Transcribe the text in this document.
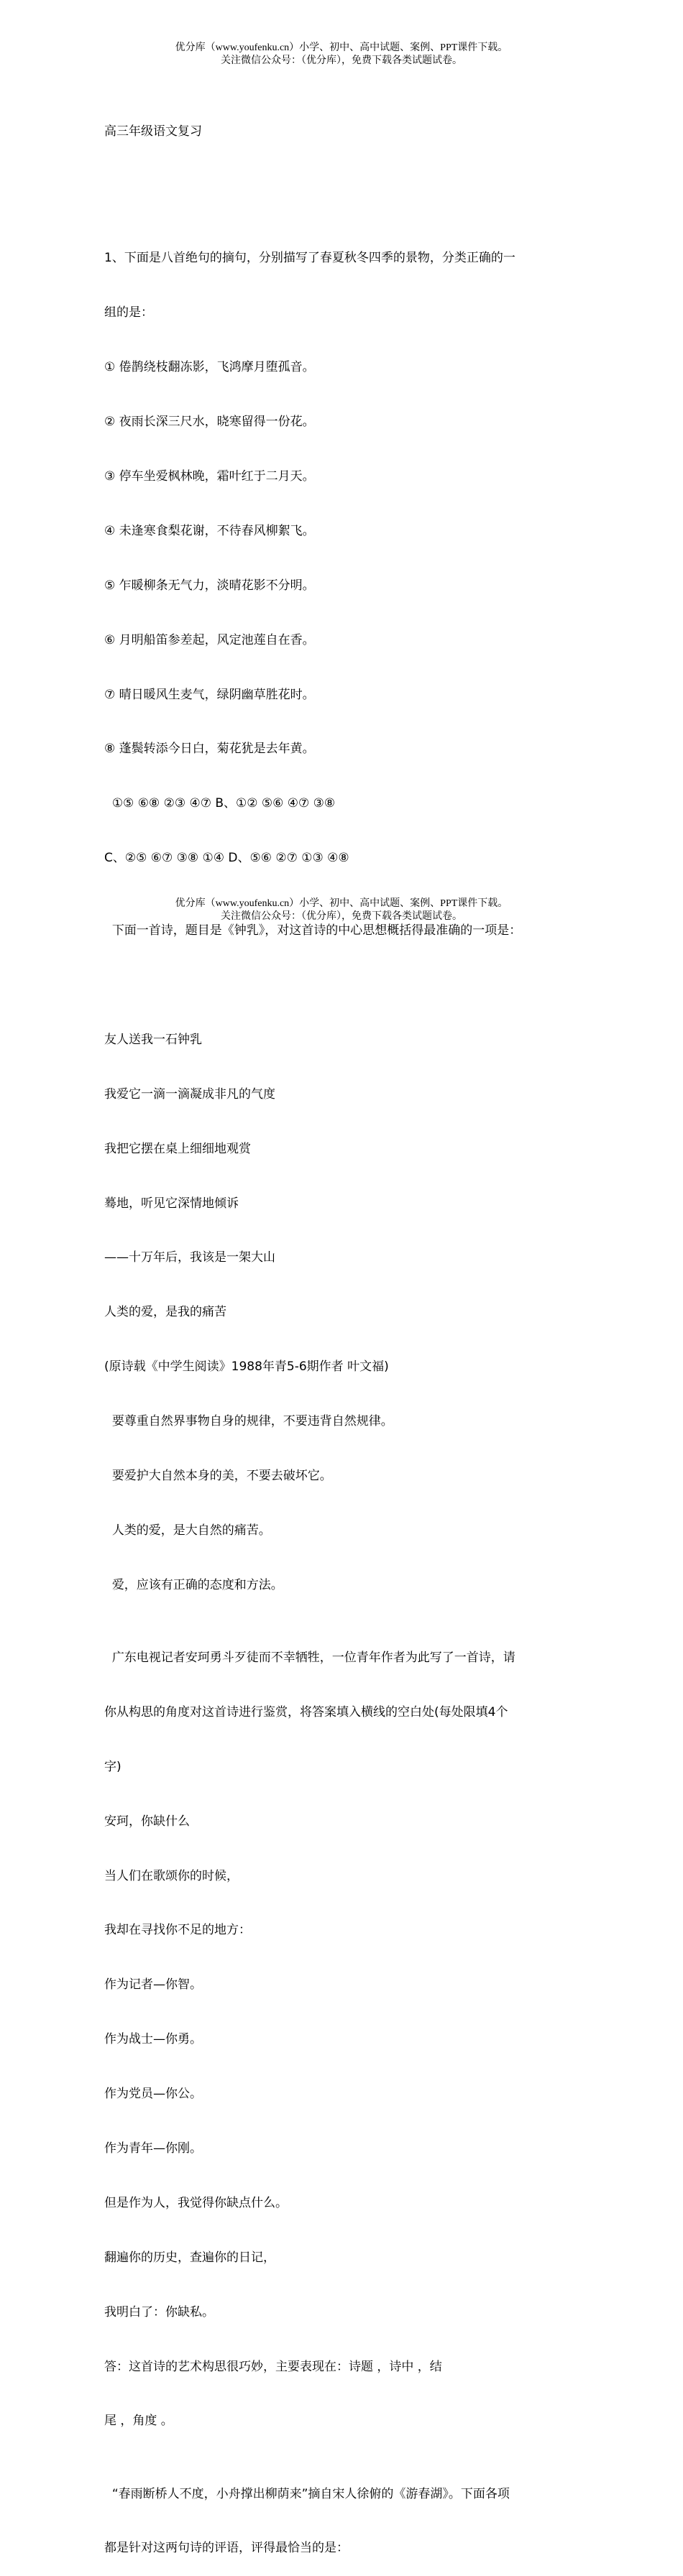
优分库（www.youfenku.cn）小学、初中、高中试题、案例、PPT课件下载。
关注微信公众号：（优分库），免费下载各类试题试卷。

高三年级语文复习

1、下面是八首绝句的摘句，分别描写了春夏秋冬四季的景物，分类正确的一

组的是：

① 倦鹊绕枝翻冻影，飞鸿摩月堕孤音。

② 夜雨长深三尺水，晓寒留得一份花。

③ 停车坐爱枫林晚，霜叶红于二月天。

④ 未逢寒食梨花谢，不待春风柳絮飞。

⑤ 乍暖柳条无气力，淡晴花影不分明。

⑥ 月明船笛参差起，风定池莲自在香。

⑦ 晴日暖风生麦气，绿阴幽草胜花时。

⑧ 蓬鬓转添今日白，菊花犹是去年黄。

①⑤ ⑥⑧ ②③ ④⑦ B、①② ⑤⑥ ④⑦ ③⑧

C、②⑤ ⑥⑦ ③⑧ ①④ D、⑤⑥ ②⑦ ①③ ④⑧

下面一首诗，题目是《钟乳》，对这首诗的中心思想概括得最准确的一项是：

友人送我一石钟乳

我爱它一滴一滴凝成非凡的气度

我把它摆在桌上细细地观赏

蓦地，听见它深情地倾诉

——十万年后，我该是一架大山

人类的爱，是我的痛苦

(原诗载《中学生阅读》1988年青5-6期作者 叶文福)

要尊重自然界事物自身的规律，不要违背自然规律。

要爱护大自然本身的美，不要去破坏它。

人类的爱，是大自然的痛苦。

爱，应该有正确的态度和方法。

广东电视记者安珂勇斗歹徒而不幸牺牲，一位青年作者为此写了一首诗，请

你从构思的角度对这首诗进行鉴赏，将答案填入横线的空白处(每处限填4个

字)

安珂，你缺什么

当人们在歌颂你的时候，

我却在寻找你不足的地方：

作为记者—你智。

作为战士—你勇。

作为党员—你公。

作为青年—你刚。

但是作为人，我觉得你缺点什么。

翻遍你的历史，查遍你的日记，

我明白了：你缺私。

答：这首诗的艺术构思很巧妙，主要表现在：诗题 ，诗中 ，结

尾 ，角度 。

“春雨断桥人不度，小舟撑出柳荫来”摘自宋人徐俯的《游春湖》。下面各项

都是针对这两句诗的评语，评得最恰当的是：

优分库（www.youfenku.cn）小学、初中、高中试题、案例、PPT课件下载。
关注微信公众号：（优分库），免费下载各类试题试卷。
